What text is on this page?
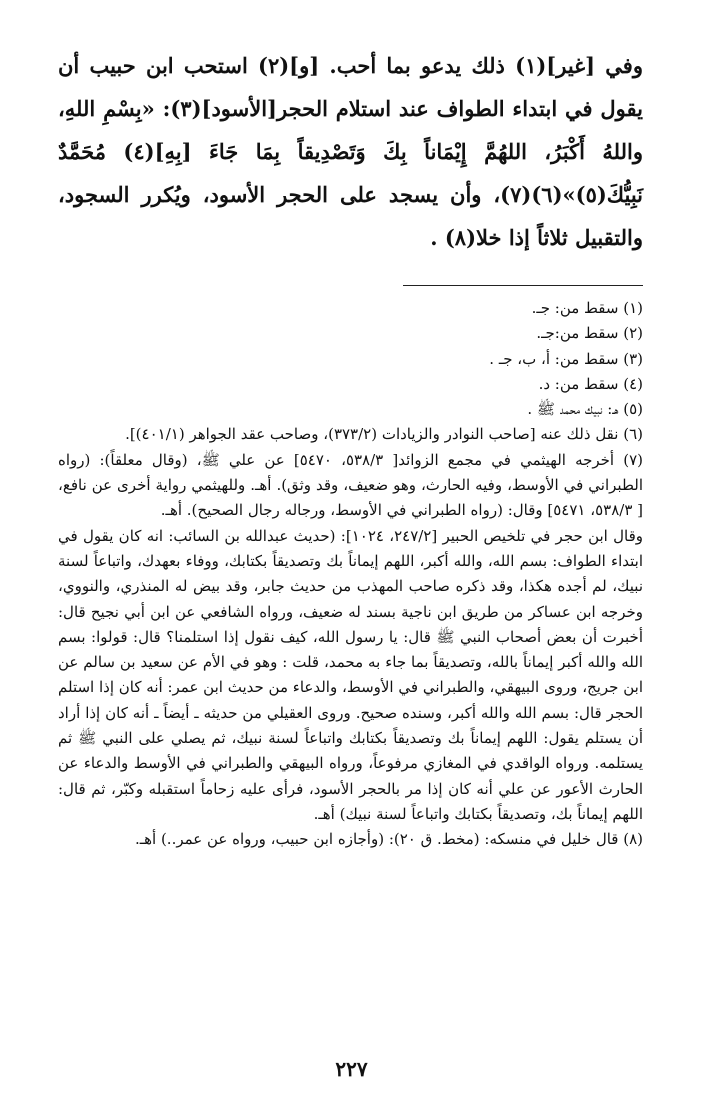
وفي [غير](١) ذلك يدعو بما أحب. [و](٢) استحب ابن حبيب أن يقول في ابتداء الطواف عند استلام الحجر[الأسود](٣): «بِسْمِ اللهِ، واللهُ أَكْبَرُ، اللهُمَّ إِيْمَاناً بِكَ وَتَصْدِيقاً بِمَا جَاءَ [بِهِ](٤) مُحَمَّدٌ نَبِيُّكَ(٥)»(٦)(٧)، وأن يسجد على الحجر الأسود، ويُكرر السجود، والتقبيل ثلاثاً إذا خلا(٨) .

(١) سقط من: جـ.
(٢) سقط من:جـ.
(٣) سقط من: أ، ب، جـ .
(٤) سقط من: د.
(٥) هـ: نبيك محمد ﷺ .
(٦) نقل ذلك عنه [صاحب النوادر والزيادات (٣٧٣/٢)، وصاحب عقد الجواهر (٤٠١/١)].
(٧) أخرجه الهيثمي في مجمع الزوائد[ ٥٣٨/٣، ٥٤٧٠] عن علي ﷺ، (وقال معلقاً): (رواه الطبراني في الأوسط، وفيه الحارث، وهو ضعيف، وقد وثق). أهـ. وللهيثمي رواية أخرى عن نافع، [ ٥٣٨/٣، ٥٤٧١] وقال: (رواه الطبراني في الأوسط، ورجاله رجال الصحيح). أهـ.
وقال ابن حجر في تلخيص الحبير [٢٤٧/٢، ١٠٢٤]: (حديث عبدالله بن السائب: انه كان يقول في ابتداء الطواف: بسم الله، والله أكبر، اللهم إيماناً بك وتصديقاً بكتابك، ووفاء بعهدك، واتباعاً لسنة نبيك، لم أجده هكذا، وقد ذكره صاحب المهذب من حديث جابر، وقد بيض له المنذري، والنووي، وخرجه ابن عساكر من طريق ابن ناجية بسند له ضعيف، ورواه الشافعي عن ابن أبي نجيح قال: أخبرت أن بعض أصحاب النبي ﷺ قال: يا رسول الله، كيف نقول إذا استلمنا؟ قال: قولوا: بسم الله والله أكبر إيماناً بالله، وتصديقاً بما جاء به محمد، قلت : وهو في الأم عن سعيد بن سالم عن ابن جريج، وروى البيهقي، والطبراني في الأوسط، والدعاء من حديث ابن عمر: أنه كان إذا استلم الحجر قال: بسم الله والله أكبر، وسنده صحيح. وروى العقيلي من حديثه ـ أيضاً ـ أنه كان إذا أراد أن يستلم يقول: اللهم إيماناً بك وتصديقاً بكتابك واتباعاً لسنة نبيك، ثم يصلي على النبي ﷺ ثم يستلمه. ورواه الواقدي في المغازي مرفوعاً، ورواه البيهقي والطبراني في الأوسط والدعاء عن الحارث الأعور عن علي أنه كان إذا مر بالحجر الأسود، فرأى عليه زحاماً استقبله وكبّر، ثم قال: اللهم إيماناً بك، وتصديقاً بكتابك واتباعاً لسنة نبيك) أهـ.
(٨) قال خليل في منسكه: (مخط. ق ٢٠): (وأجازه ابن حبيب، ورواه عن عمر..) أهـ.
٢٢٧
